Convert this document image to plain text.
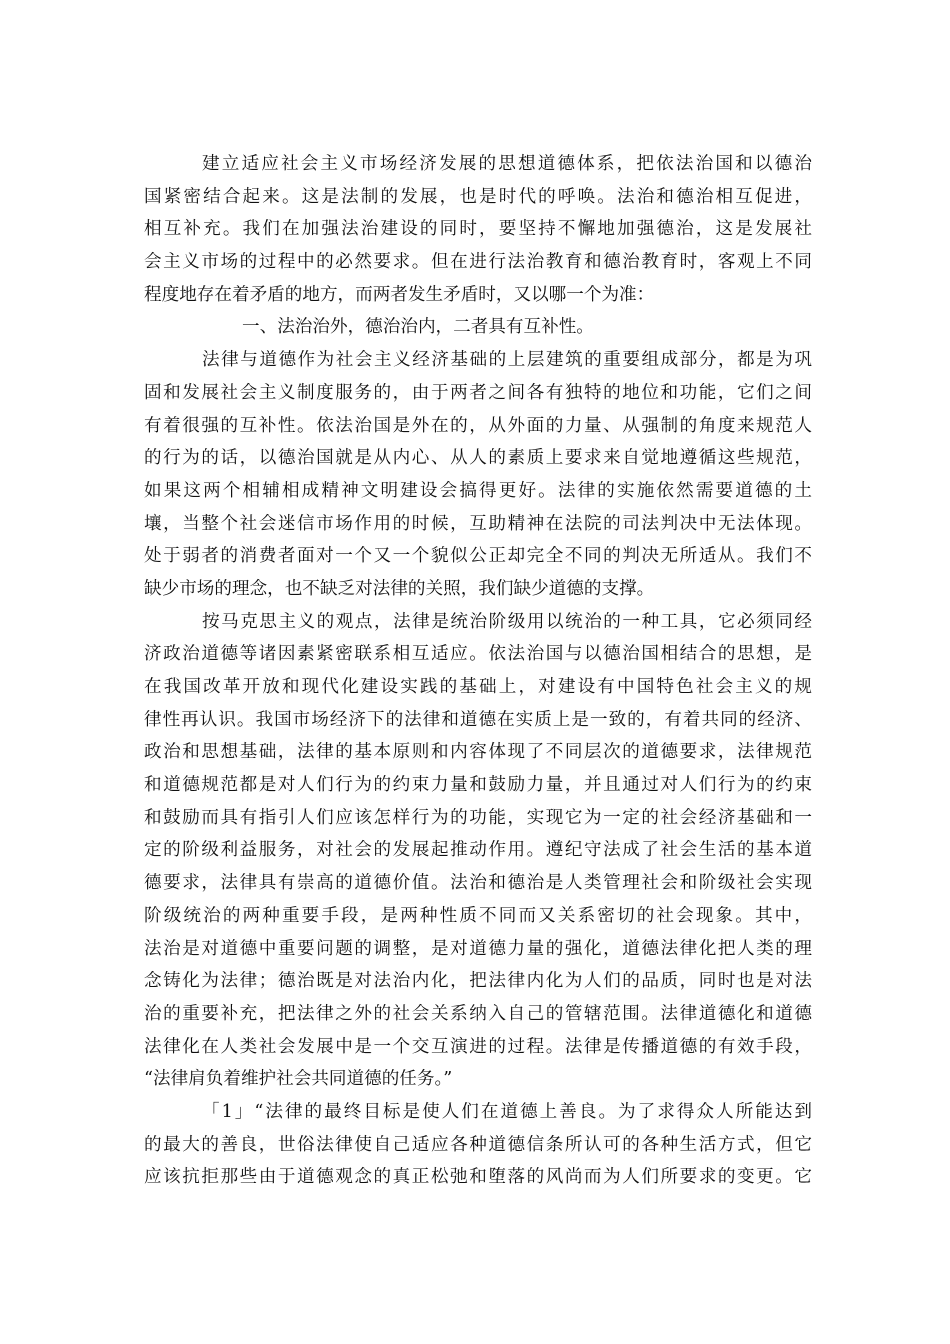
建立适应社会主义市场经济发展的思想道德体系，把依法治国和以德治
国紧密结合起来。这是法制的发展，也是时代的呼唤。法治和德治相互促进，
相互补充。我们在加强法治建设的同时，要坚持不懈地加强德治，这是发展社
会主义市场的过程中的必然要求。但在进行法治教育和德治教育时，客观上不同
程度地存在着矛盾的地方，而两者发生矛盾时，又以哪一个为准：
一、法治治外，德治治内，二者具有互补性。
法律与道德作为社会主义经济基础的上层建筑的重要组成部分，都是为巩
固和发展社会主义制度服务的，由于两者之间各有独特的地位和功能，它们之间
有着很强的互补性。依法治国是外在的，从外面的力量、从强制的角度来规范人
的行为的话，以德治国就是从内心、从人的素质上要求来自觉地遵循这些规范，
如果这两个相辅相成精神文明建设会搞得更好。法律的实施依然需要道德的土
壤，当整个社会迷信市场作用的时候，互助精神在法院的司法判决中无法体现。
处于弱者的消费者面对一个又一个貌似公正却完全不同的判决无所适从。我们不
缺少市场的理念，也不缺乏对法律的关照，我们缺少道德的支撑。
按马克思主义的观点，法律是统治阶级用以统治的一种工具，它必须同经
济政治道德等诸因素紧密联系相互适应。依法治国与以德治国相结合的思想，是
在我国改革开放和现代化建设实践的基础上，对建设有中国特色社会主义的规
律性再认识。我国市场经济下的法律和道德在实质上是一致的，有着共同的经济、
政治和思想基础，法律的基本原则和内容体现了不同层次的道德要求，法律规范
和道德规范都是对人们行为的约束力量和鼓励力量，并且通过对人们行为的约束
和鼓励而具有指引人们应该怎样行为的功能，实现它为一定的社会经济基础和一
定的阶级利益服务，对社会的发展起推动作用。遵纪守法成了社会生活的基本道
德要求，法律具有崇高的道德价值。法治和德治是人类管理社会和阶级社会实现
阶级统治的两种重要手段，是两种性质不同而又关系密切的社会现象。其中，
法治是对道德中重要问题的调整，是对道德力量的强化，道德法律化把人类的理
念铸化为法律；德治既是对法治内化，把法律内化为人们的品质，同时也是对法
治的重要补充，把法律之外的社会关系纳入自己的管辖范围。法律道德化和道德
法律化在人类社会发展中是一个交互演进的过程。法律是传播道德的有效手段，
“法律肩负着维护社会共同道德的任务。”
「1」“法律的最终目标是使人们在道德上善良。为了求得众人所能达到
的最大的善良，世俗法律使自己适应各种道德信条所认可的各种生活方式，但它
应该抗拒那些由于道德观念的真正松弛和堕落的风尚而为人们所要求的变更。它
